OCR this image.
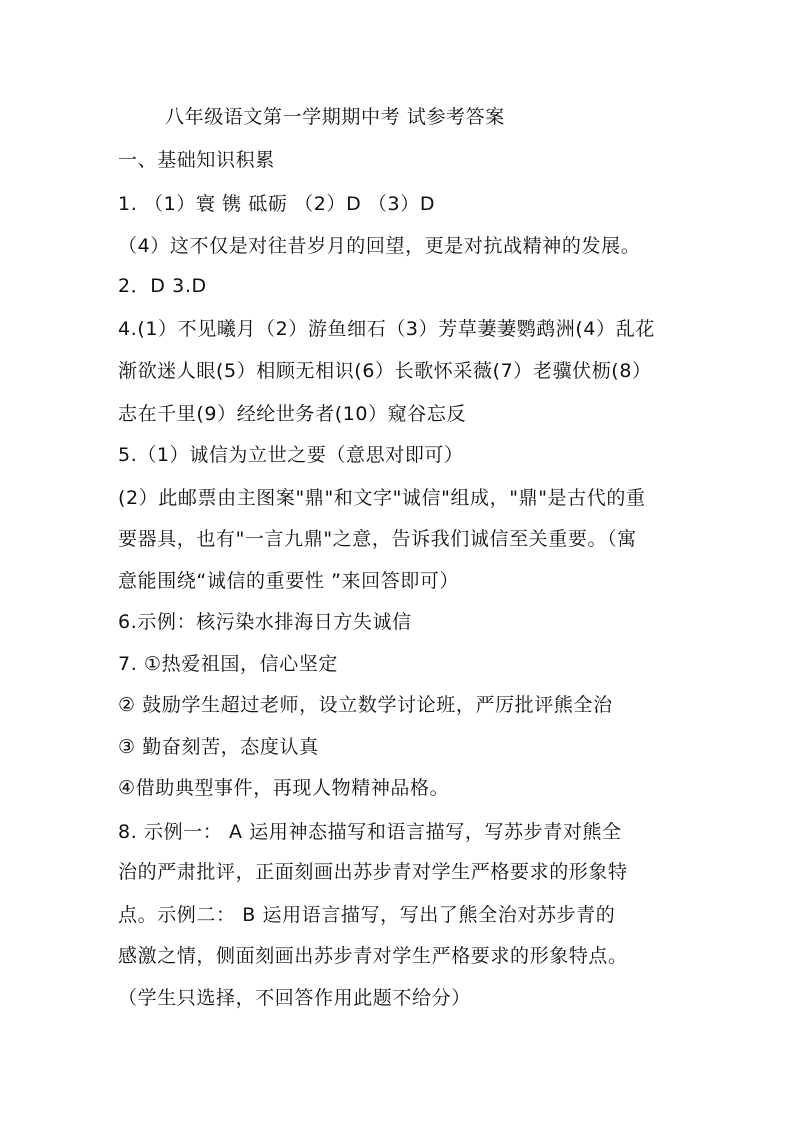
八年级语文第一学期期中考 试参考答案
一、基础知识积累
1. （1）寰 镌 砥砺 （2）D （3）D
（4）这不仅是对往昔岁月的回望，更是对抗战精神的发展。
2．D 3.D
4.(1）不见曦月（2）游鱼细石（3）芳草萋萋鹦鹉洲(4）乱花
渐欲迷人眼(5）相顾无相识(6）长歌怀采薇(7）老骥伏枥(8）
志在千里(9）经纶世务者(10）窥谷忘反
5.（1）诚信为立世之要（意思对即可）
(2）此邮票由主图案"鼎"和文字"诚信"组成，"鼎"是古代的重
要器具，也有"一言九鼎"之意，告诉我们诚信至关重要。（寓
意能围绕“诚信的重要性 ”来回答即可）
6.示例：核污染水排海日方失诚信
7. ①热爱祖国，信心坚定
② 鼓励学生超过老师，设立数学讨论班，严厉批评熊全治
③ 勤奋刻苦，态度认真
④借助典型事件，再现人物精神品格。
8. 示例一： A 运用神态描写和语言描写，写苏步青对熊全
治的严肃批评，正面刻画出苏步青对学生严格要求的形象特
点。示例二： B 运用语言描写，写出了熊全治对苏步青的
感激之情，侧面刻画出苏步青对学生严格要求的形象特点。
（学生只选择，不回答作用此题不给分）
